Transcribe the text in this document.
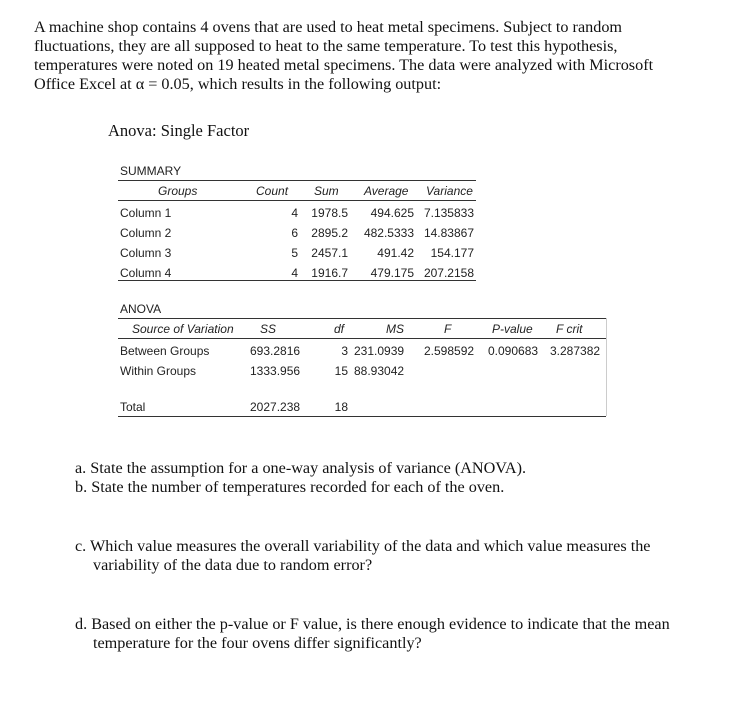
A machine shop contains 4 ovens that are used to heat metal specimens. Subject to random
fluctuations, they are all supposed to heat to the same temperature. To test this hypothesis,
temperatures were noted on 19 heated metal specimens. The data were analyzed with Microsoft
Office Excel at α = 0.05, which results in the following output:
Anova: Single Factor
SUMMARY
Groups	Count Sum Average Variance
Column 1	4	1978.5	494.625 7.135833
Column 2	6	2895.2	482.5333 14.83867
Column 3	5	2457.1	491.42	154.177
Column 4	4	1916.7	479.175 207.2158
ANOVA
Source of Variation SS	df	MS	F	P-value F crit
Between Groups	693.2816	3 231.0939 2.598592 0.090683 3.287382
Within Groups	1333.956	15 88.93042
Total	2027.238	18
a. State the assumption for a one-way analysis of variance (ANOVA).
b. State the number of temperatures recorded for each of the oven.
c. Which value measures the overall variability of the data and which value measures the
variability of the data due to random error?
d. Based on either the p-value or F value, is there enough evidence to indicate that the mean
temperature for the four ovens differ significantly?
